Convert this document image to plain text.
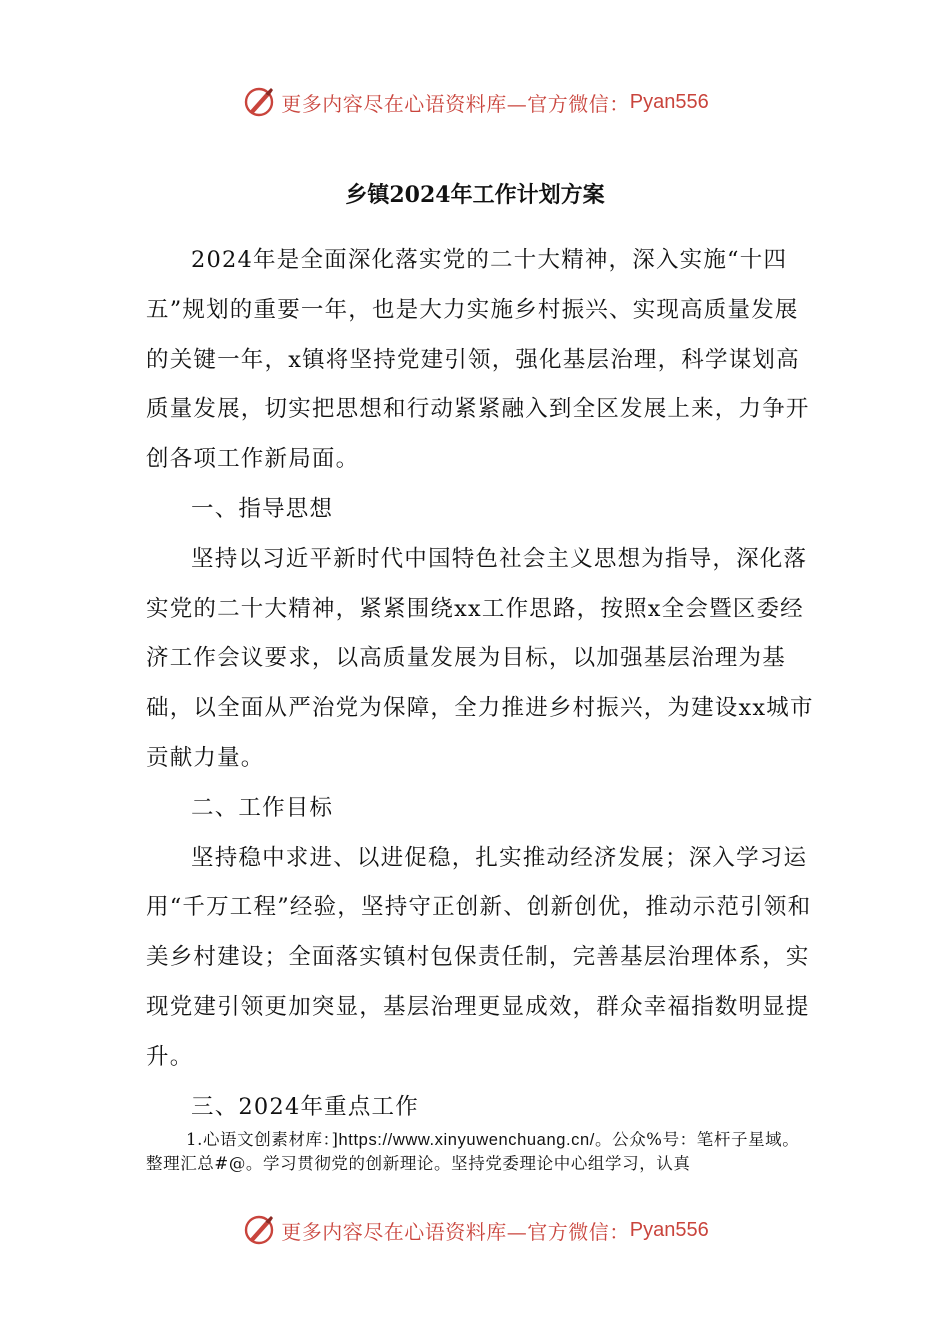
更多内容尽在心语资料库—官方微信： Pyan556
乡镇2024年工作计划方案

2024年是全面深化落实党的二十大精神，深入实施“十四五”规划的重要一年，也是大力实施乡村振兴、实现高质量发展的关键一年，x镇将坚持党建引领，强化基层治理，科学谋划高质量发展，切实把思想和行动紧紧融入到全区发展上来，力争开创各项工作新局面。

一、指导思想

坚持以习近平新时代中国特色社会主义思想为指导，深化落实党的二十大精神，紧紧围绕xx工作思路，按照x全会暨区委经济工作会议要求，以高质量发展为目标，以加强基层治理为基础，以全面从严治党为保障，全力推进乡村振兴，为建设xx城市贡献力量。

二、工作目标

坚持稳中求进、以进促稳，扎实推动经济发展；深入学习运用“千万工程”经验，坚持守正创新、创新创优，推动示范引领和美乡村建设；全面落实镇村包保责任制，完善基层治理体系，实现党建引领更加突显，基层治理更显成效，群众幸福指数明显提升。

三、2024年重点工作

1.心语文创素材库：]https://www.xinyuwenchuang.cn/。公众%号：笔杆子星域。整理汇总#@。学习贯彻党的创新理论。坚持党委理论中心组学习，认真

更多内容尽在心语资料库—官方微信： Pyan556
